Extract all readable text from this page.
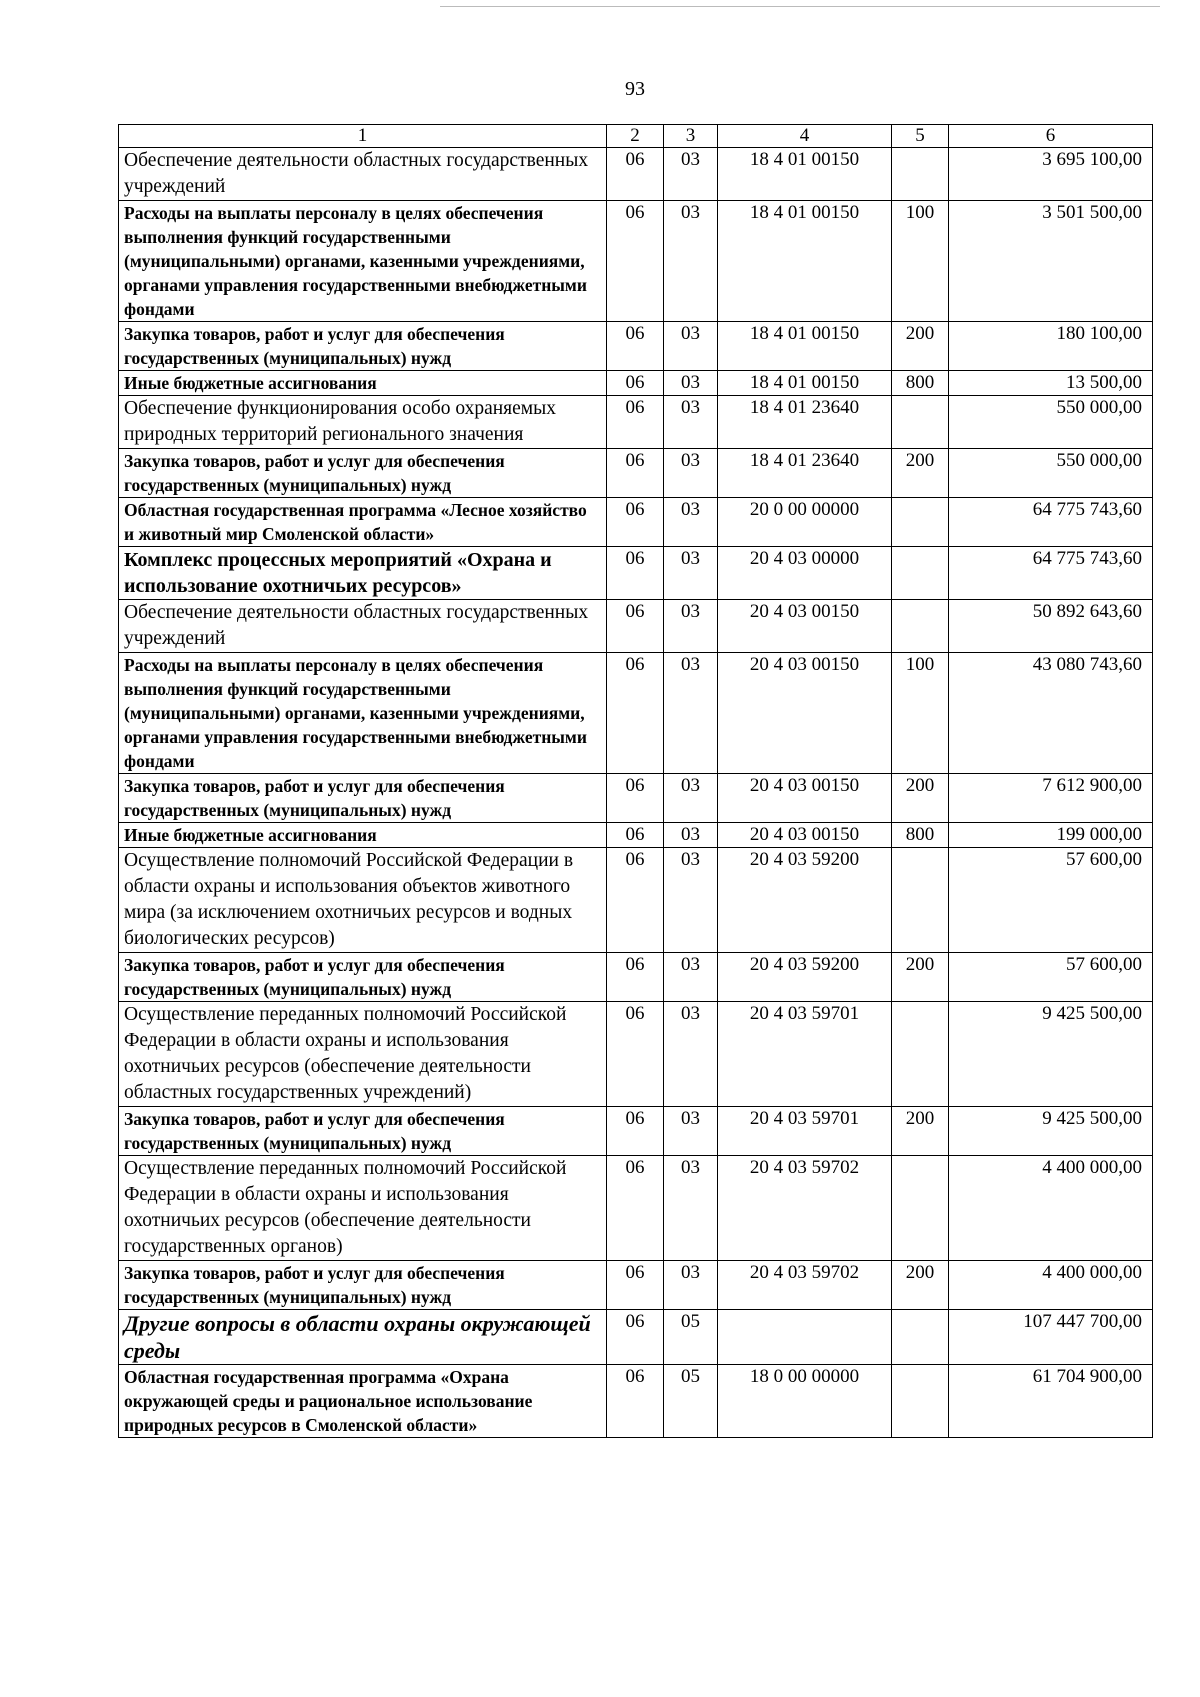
93
1	2	3	4	5	6
Обеспечение деятельности областных государственных учреждений	06	03	18 4 01 00150		3 695 100,00
Расходы на выплаты персоналу в целях обеспечения выполнения функций государственными (муниципальными) органами, казенными учреждениями, органами управления государственными внебюджетными фондами	06	03	18 4 01 00150	100	3 501 500,00
Закупка товаров, работ и услуг для обеспечения государственных (муниципальных) нужд	06	03	18 4 01 00150	200	180 100,00
Иные бюджетные ассигнования	06	03	18 4 01 00150	800	13 500,00
Обеспечение функционирования особо охраняемых природных территорий регионального значения	06	03	18 4 01 23640		550 000,00
Закупка товаров, работ и услуг для обеспечения государственных (муниципальных) нужд	06	03	18 4 01 23640	200	550 000,00
Областная государственная программа «Лесное хозяйство и животный мир Смоленской области»	06	03	20 0 00 00000		64 775 743,60
Комплекс процессных мероприятий «Охрана и использование охотничьих ресурсов»	06	03	20 4 03 00000		64 775 743,60
Обеспечение деятельности областных государственных учреждений	06	03	20 4 03 00150		50 892 643,60
Расходы на выплаты персоналу в целях обеспечения выполнения функций государственными (муниципальными) органами, казенными учреждениями, органами управления государственными внебюджетными фондами	06	03	20 4 03 00150	100	43 080 743,60
Закупка товаров, работ и услуг для обеспечения государственных (муниципальных) нужд	06	03	20 4 03 00150	200	7 612 900,00
Иные бюджетные ассигнования	06	03	20 4 03 00150	800	199 000,00
Осуществление полномочий Российской Федерации в области охраны и использования объектов животного мира (за исключением охотничьих ресурсов и водных биологических ресурсов)	06	03	20 4 03 59200		57 600,00
Закупка товаров, работ и услуг для обеспечения государственных (муниципальных) нужд	06	03	20 4 03 59200	200	57 600,00
Осуществление переданных полномочий Российской Федерации в области охраны и использования охотничьих ресурсов (обеспечение деятельности областных государственных учреждений)	06	03	20 4 03 59701		9 425 500,00
Закупка товаров, работ и услуг для обеспечения государственных (муниципальных) нужд	06	03	20 4 03 59701	200	9 425 500,00
Осуществление переданных полномочий Российской Федерации в области охраны и использования охотничьих ресурсов (обеспечение деятельности государственных органов)	06	03	20 4 03 59702		4 400 000,00
Закупка товаров, работ и услуг для обеспечения государственных (муниципальных) нужд	06	03	20 4 03 59702	200	4 400 000,00
Другие вопросы в области охраны окружающей среды	06	05			107 447 700,00
Областная государственная программа «Охрана окружающей среды и рациональное использование природных ресурсов в Смоленской области»	06	05	18 0 00 00000		61 704 900,00
